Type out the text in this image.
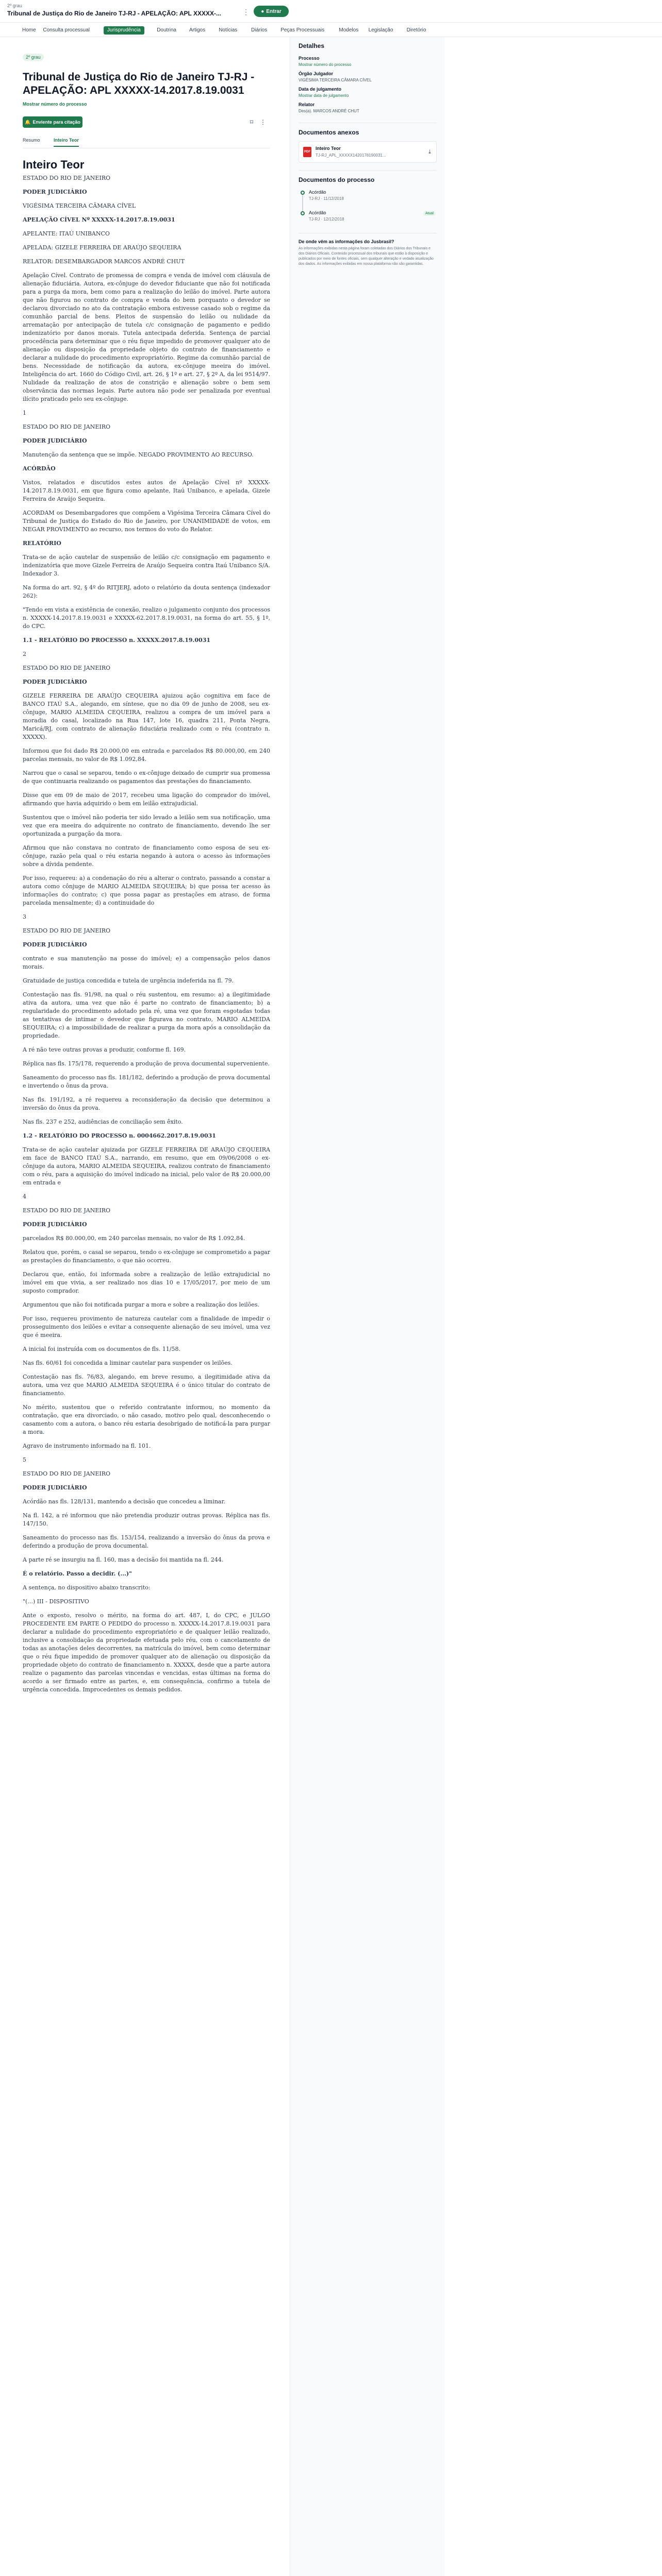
2º grau
Tribunal de Justiça do Rio de Janeiro TJ-RJ - APELAÇÃO: APL XXXXX-...	⋮ ● Entrar
Home	Consulta processual	Jurisprudência	Doutrina	Artigos	Notícias	Diários	Peças Processuais	Modelos	Legislação	Diretório
2º grau
Tribunal de Justiça do Rio de Janeiro TJ-RJ - APELAÇÃO: APL XXXXX-14.2017.8.19.0031
Mostrar número do processo
🔔 Enviente para citação	⌑	⋮
Resumo	Inteiro Teor
Inteiro Teor

ESTADO DO RIO DE JANEIRO

PODER JUDICIÁRIO

VIGÉSIMA TERCEIRA CÂMARA CÍVEL

APELAÇÃO CÍVEL Nº XXXXX-14.2017.8.19.0031

APELANTE: ITAÚ UNIBANCO

APELADA: GIZELE FERREIRA DE ARAÚJO SEQUEIRA

RELATOR: DESEMBARGADOR MARCOS ANDRÉ CHUT

Apelação Cível. Contrato de promessa de compra e venda de imóvel com cláusula de alienação fiduciária. Autora, ex-cônjuge do devedor fiduciante que não foi notificada para a purga da mora, bem como para a realização do leilão do imóvel. Parte autora que não figurou no contrato de compra e venda do bem porquanto o devedor se declarou divorciado no ato da contratação embora estivesse casado sob o regime da comunhão parcial de bens. Pleitos de suspensão do leilão ou nulidade da arrematação por antecipação de tutela c/c consignação de pagamento e pedido indenizatório por danos morais. Tutela antecipada deferida. Sentença de parcial procedência para determinar que o réu fique impedido de promover qualquer ato de alienação ou disposição da propriedade objeto do contrato de financiamento e declarar a nulidade do procedimento expropriatório. Regime da comunhão parcial de bens. Necessidade de notificação da autora, ex-cônjuge meeira do imóvel. Inteligência do art. 1660 do Código Civil, art. 26, § 1º e art. 27, § 2º A, da lei 9514/97. Nulidade da realização de atos de constrição e alienação sobre o bem sem observância das normas legais. Parte autora não pode ser penalizada por eventual ilícito praticado pelo seu ex-cônjuge.

1

ESTADO DO RIO DE JANEIRO

PODER JUDICIÁRIO

Manutenção da sentença que se impõe. NEGADO PROVIMENTO AO RECURSO.

ACÓRDÃO

Vistos, relatados e discutidos estes autos de Apelação Cível nº XXXXX-14.2017.8.19.0031, em que figura como apelante, Itaú Unibanco, e apelada, Gizele Ferreira de Araújo Sequeira.

ACORDAM os Desembargadores que compõem a Vigésima Terceira Câmara Cível do Tribunal de Justiça do Estado do Rio de Janeiro, por UNANIMIDADE de votos, em NEGAR PROVIMENTO ao recurso, nos termos do voto do Relator.

RELATÓRIO

Trata-se de ação cautelar de suspensão de leilão c/c consignação em pagamento e indenizatória que move Gizele Ferreira de Araújo Sequeira contra Itaú Unibanco S/A. Indexador 3.

Na forma do art. 92, § 4º do RITJERJ, adoto o relatório da douta sentença (indexador 262):

"Tendo em vista a existência de conexão, realizo o julgamento conjunto dos processos n. XXXXX-14.2017.8.19.0031 e XXXXX-62.2017.8.19.0031, na forma do art. 55, § 1º, do CPC.

1.1 - RELATÓRIO DO PROCESSO n. XXXXX.2017.8.19.0031

2

ESTADO DO RIO DE JANEIRO

PODER JUDICIÁRIO

GIZELE FERREIRA DE ARAÚJO CEQUEIRA ajuizou ação cognitiva em face de BANCO ITAÚ S.A., alegando, em síntese, que no dia 09 de junho de 2008, seu ex-cônjuge, MARIO ALMEIDA CEQUEIRA, realizou a compra de um imóvel para a moradia do casal, localizado na Rua 147, lote 16, quadra 211, Ponta Negra, Maricá/RJ, com contrato de alienação fiduciária realizado com o réu (contrato n. XXXXX).

Informou que foi dado R$ 20.000,00 em entrada e parcelados R$ 80.000,00, em 240 parcelas mensais, no valor de R$ 1.092,84.

Narrou que o casal se separou, tendo o ex-cônjuge deixado de cumprir sua promessa de que continuaria realizando os pagamentos das prestações do financiamento.

Disse que em 09 de maio de 2017, recebeu uma ligação do comprador do imóvel, afirmando que havia adquirido o bem em leilão extrajudicial.

Sustentou que o imóvel não poderia ter sido levado a leilão sem sua notificação, uma vez que era meeira do adquirente no contrato de financiamento, devendo lhe ser oportunizada a purgação da mora.

Afirmou que não constava no contrato de financiamento como esposa de seu ex-cônjuge, razão pela qual o réu estaria negando à autora o acesso às informações sobre a dívida pendente.

Por isso, requereu: a) a condenação do réu a alterar o contrato, passando a constar a autora como cônjuge de MARIO ALMEIDA SEQUEIRA; b) que possa ter acesso às informações do contrato; c) que possa pagar as prestações em atraso, de forma parcelada mensalmente; d) a continuidade do

3

ESTADO DO RIO DE JANEIRO

PODER JUDICIÁRIO

contrato e sua manutenção na posse do imóvel; e) a compensação pelos danos morais.

Gratuidade de justiça concedida e tutela de urgência indeferida na fl. 79.

Contestação nas fls. 91/98, na qual o réu sustentou, em resumo: a) a ilegitimidade ativa da autora, uma vez que não é parte no contrato de financiamento; b) a regularidade do procedimento adotado pela ré, uma vez que foram esgotadas todas as tentativas de intimar o devedor que figurava no contrato, MARIO ALMEIDA SEQUEIRA; c) a impossibilidade de realizar a purga da mora após a consolidação da propriedade.

A ré não teve outras provas a produzir, conforme fl. 169.

Réplica nas fls. 175/178, requerendo a produção de prova documental superveniente.

Saneamento do processo nas fls. 181/182, deferindo a produção de prova documental e invertendo o ônus da prova.

Nas fls. 191/192, a ré requereu a reconsideração da decisão que determinou a inversão do ônus da prova.

Nas fls. 237 e 252, audiências de conciliação sem êxito.

1.2 - RELATÓRIO DO PROCESSO n. 0004662.2017.8.19.0031

Trata-se de ação cautelar ajuizada por GIZELE FERREIRA DE ARAÚJO CEQUEIRA em face de BANCO ITAÚ S.A., narrando, em resumo, que em 09/06/2008 o ex-cônjuge da autora, MARIO ALMEIDA SEQUEIRA, realizou contrato de financiamento com o réu, para a aquisição do imóvel indicado na inicial, pelo valor de R$ 20.000,00 em entrada e

4

ESTADO DO RIO DE JANEIRO

PODER JUDICIÁRIO

parcelados R$ 80.000,00, em 240 parcelas mensais, no valor de R$ 1.092,84.

Relatou que, porém, o casal se separou, tendo o ex-cônjuge se comprometido a pagar as prestações do financiamento, o que não ocorreu.

Declarou que, então, foi informada sobre a realização de leilão extrajudicial no imóvel em que vivia, a ser realizado nos dias 10 e 17/05/2017, por meio de um suposto comprador.

Argumentou que não foi notificada purgar a mora e sobre a realização dos leilões.

Por isso, requereu provimento de natureza cautelar com a finalidade de impedir o prosseguimento dos leilões e evitar a consequente alienação de seu imóvel, uma vez que é meeira.

A inicial foi instruída com os documentos de fls. 11/58.

Nas fls. 60/61 foi concedida a liminar cautelar para suspender os leilões.

Contestação nas fls. 76/83, alegando, em breve resumo, a ilegitimidade ativa da autora, uma vez que MARIO ALMEIDA SEQUEIRA é o único titular do contrato de financiamento.

No mérito, sustentou que o referido contratante informou, no momento da contratação, que era divorciado, o não casado, motivo pelo qual, desconhecendo o casamento com a autora, o banco réu estaria desobrigado de notificá-la para purgar a mora.

Agravo de instrumento informado na fl. 101.

5

ESTADO DO RIO DE JANEIRO

PODER JUDICIÁRIO

Acórdão nas fls. 128/131, mantendo a decisão que concedeu a liminar.

Na fl. 142, a ré informou que não pretendia produzir outras provas. Réplica nas fls. 147/150.

Saneamento do processo nas fls. 153/154, realizando a inversão do ônus da prova e deferindo a produção de prova documental.

A parte ré se insurgiu na fl. 160, mas a decisão foi mantida na fl. 244.

É o relatório. Passo a decidir. (...)"

A sentença, no dispositivo abaixo transcrito:

"(...) III - DISPOSITIVO

Ante o exposto, resolvo o mérito, na forma do art. 487, I, do CPC, e JULGO PROCEDENTE EM PARTE O PEDIDO do processo n. XXXXX-14.2017.8.19.0031 para declarar a nulidade do procedimento expropriatório e de qualquer leilão realizado, inclusive a consolidação da propriedade efetuada pelo réu, com o cancelamento de todas as anotações deles decorrentes, na matrícula do imóvel, bem como determinar que o réu fique impedido de promover qualquer ato de alienação ou disposição da propriedade objeto do contrato de financiamento n. XXXXX, desde que a parte autora realize o pagamento das parcelas vincendas e vencidas, estas últimas na forma do acordo a ser firmado entre as partes, e, em consequência, confirmo a tutela de urgência concedida. Improcedentes os demais pedidos.

Detalhes
Processo
Mostrar número do processo
Órgão Julgador
VIGÉSIMA TERCEIRA CÂMARA CÍVEL
Data de julgamento
Mostrar data de julgamento
Relator
Des(a). MARCOS ANDRÉ CHUT
Documentos anexos
PDF
Inteiro Teor
TJ-RJ_APL_XXXXX1420178190031...
⤓
Documentos do processo
Acórdão
TJ-RJ · 11/12/2018
Acórdão
TJ-RJ · 12/12/2018
Atual
De onde vêm as informações do Jusbrasil?
As informações exibidas nesta página foram coletadas dos Diários dos Tribunais e dos Diários Oficiais. Conteúdo processual dos tribunais que estão à disposição e publicados por meio de fontes oficiais, sem qualquer alteração e vedado atualização dos dados. As informações exibidas em nossa plataforma não são garantidas.
